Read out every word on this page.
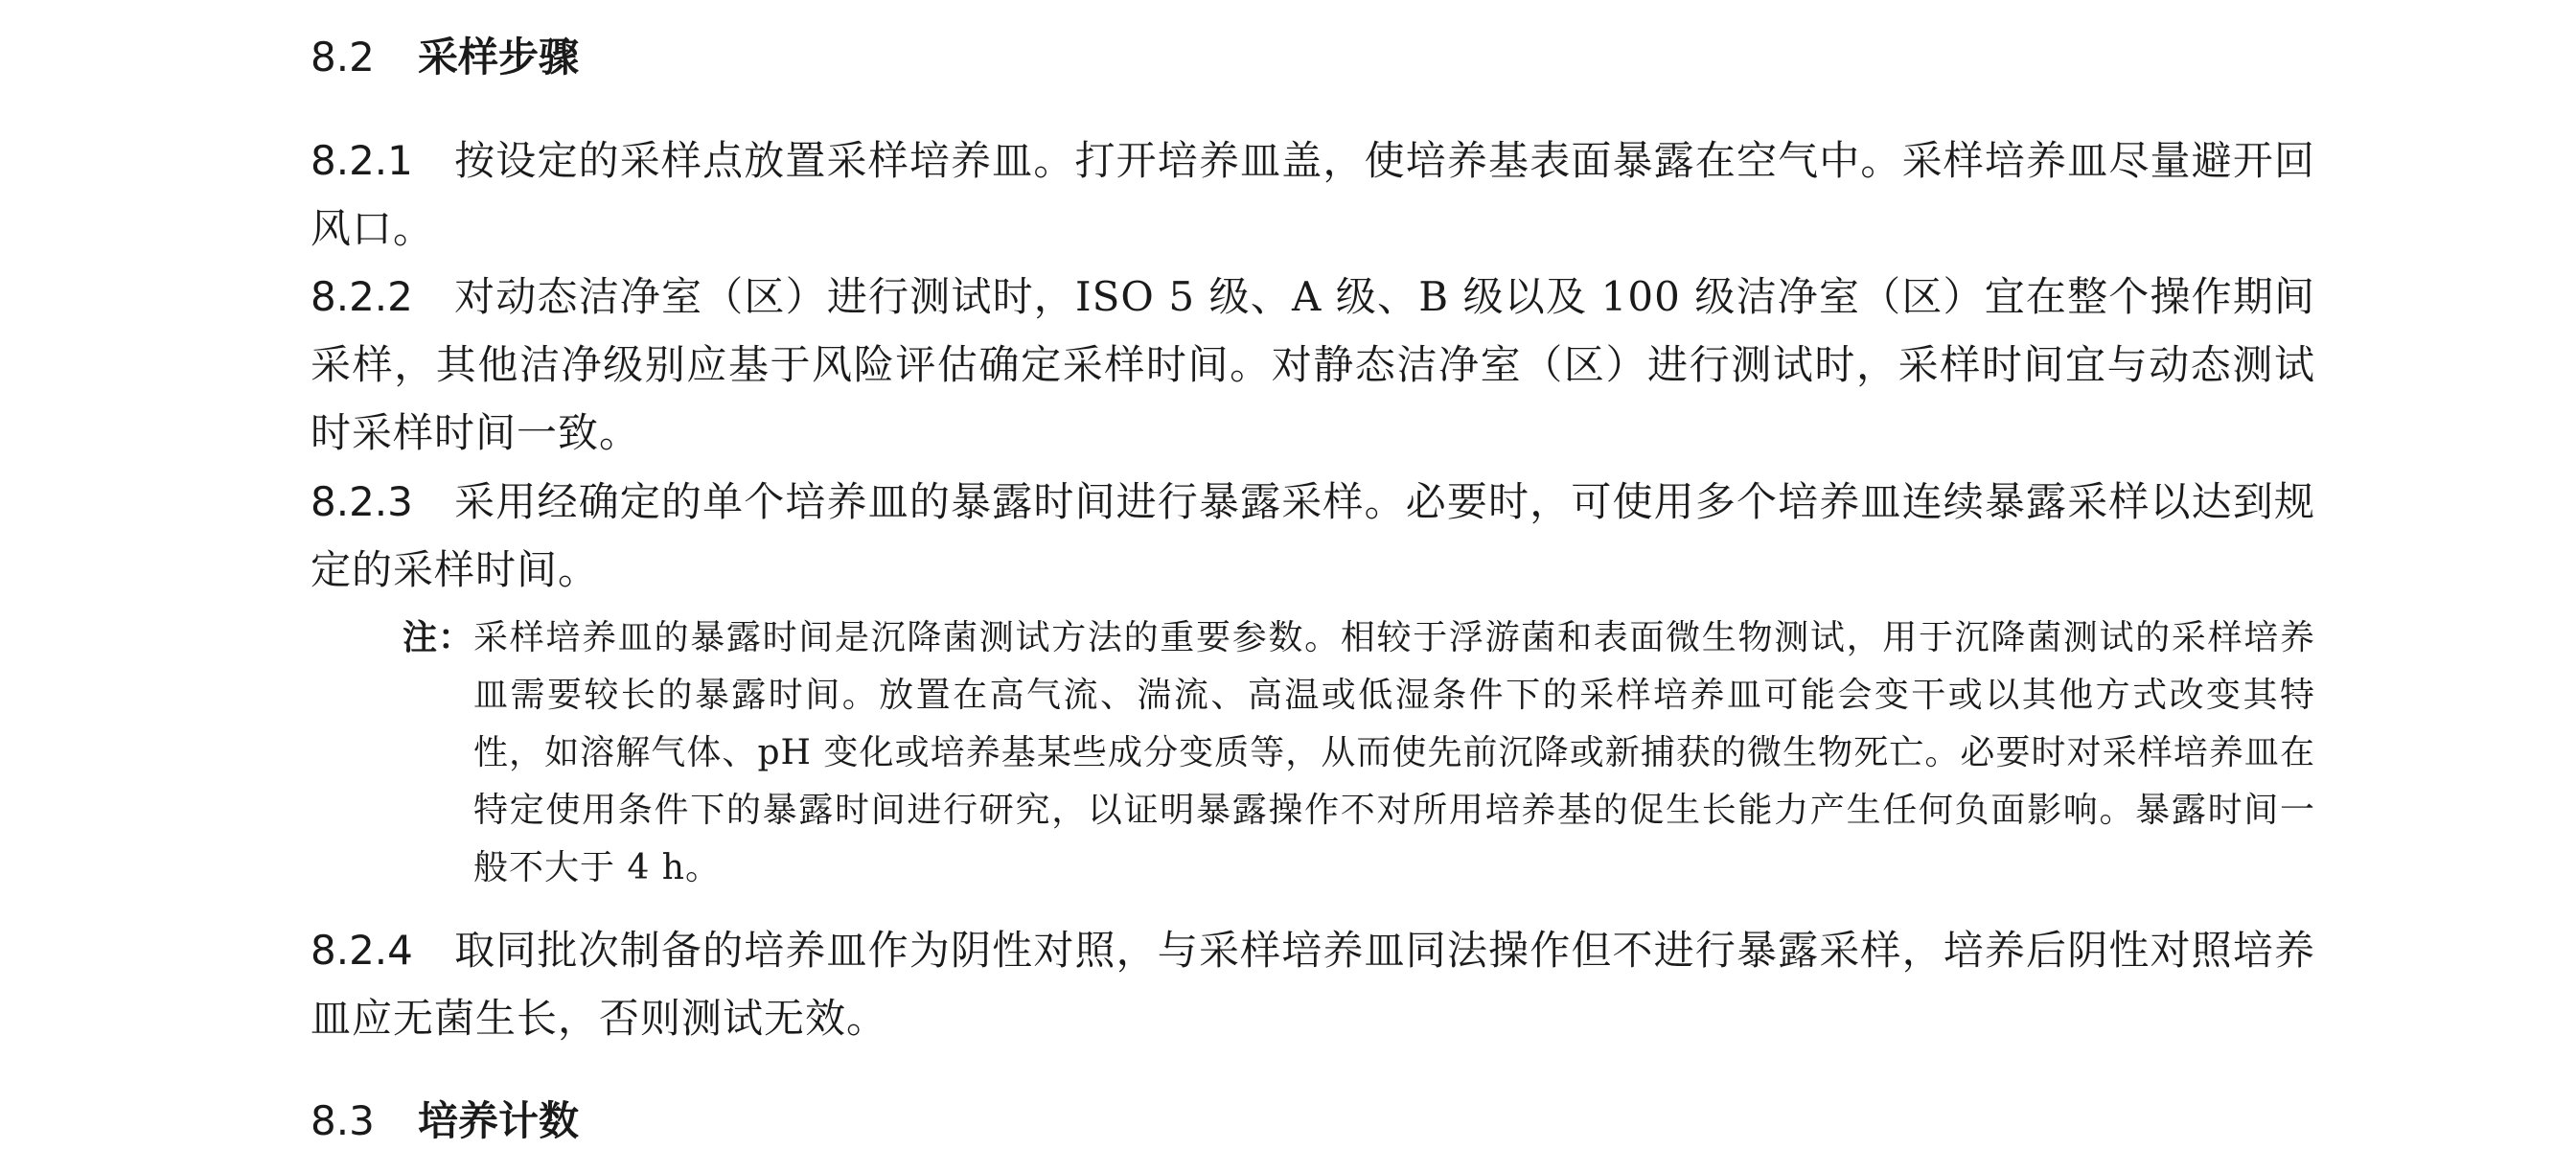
8.2 采样步骤
8.2.1 按设定的采样点放置采样培养皿。打开培养皿盖，使培养基表面暴露在空气中。采样培养皿尽量避开回风口。
8.2.2 对动态洁净室（区）进行测试时，ISO 5 级、A 级、B 级以及 100 级洁净室（区）宜在整个操作期间采样，其他洁净级别应基于风险评估确定采样时间。对静态洁净室（区）进行测试时，采样时间宜与动态测试时采样时间一致。
8.2.3 采用经确定的单个培养皿的暴露时间进行暴露采样。必要时，可使用多个培养皿连续暴露采样以达到规定的采样时间。
注： 采样培养皿的暴露时间是沉降菌测试方法的重要参数。相较于浮游菌和表面微生物测试，用于沉降菌测试的采样培养皿需要较长的暴露时间。放置在高气流、湍流、高温或低湿条件下的采样培养皿可能会变干或以其他方式改变其特性，如溶解气体、pH 变化或培养基某些成分变质等，从而使先前沉降或新捕获的微生物死亡。必要时对采样培养皿在特定使用条件下的暴露时间进行研究，以证明暴露操作不对所用培养基的促生长能力产生任何负面影响。暴露时间一般不大于 4 h。
8.2.4 取同批次制备的培养皿作为阴性对照，与采样培养皿同法操作但不进行暴露采样，培养后阴性对照培养皿应无菌生长，否则测试无效。
8.3 培养计数
